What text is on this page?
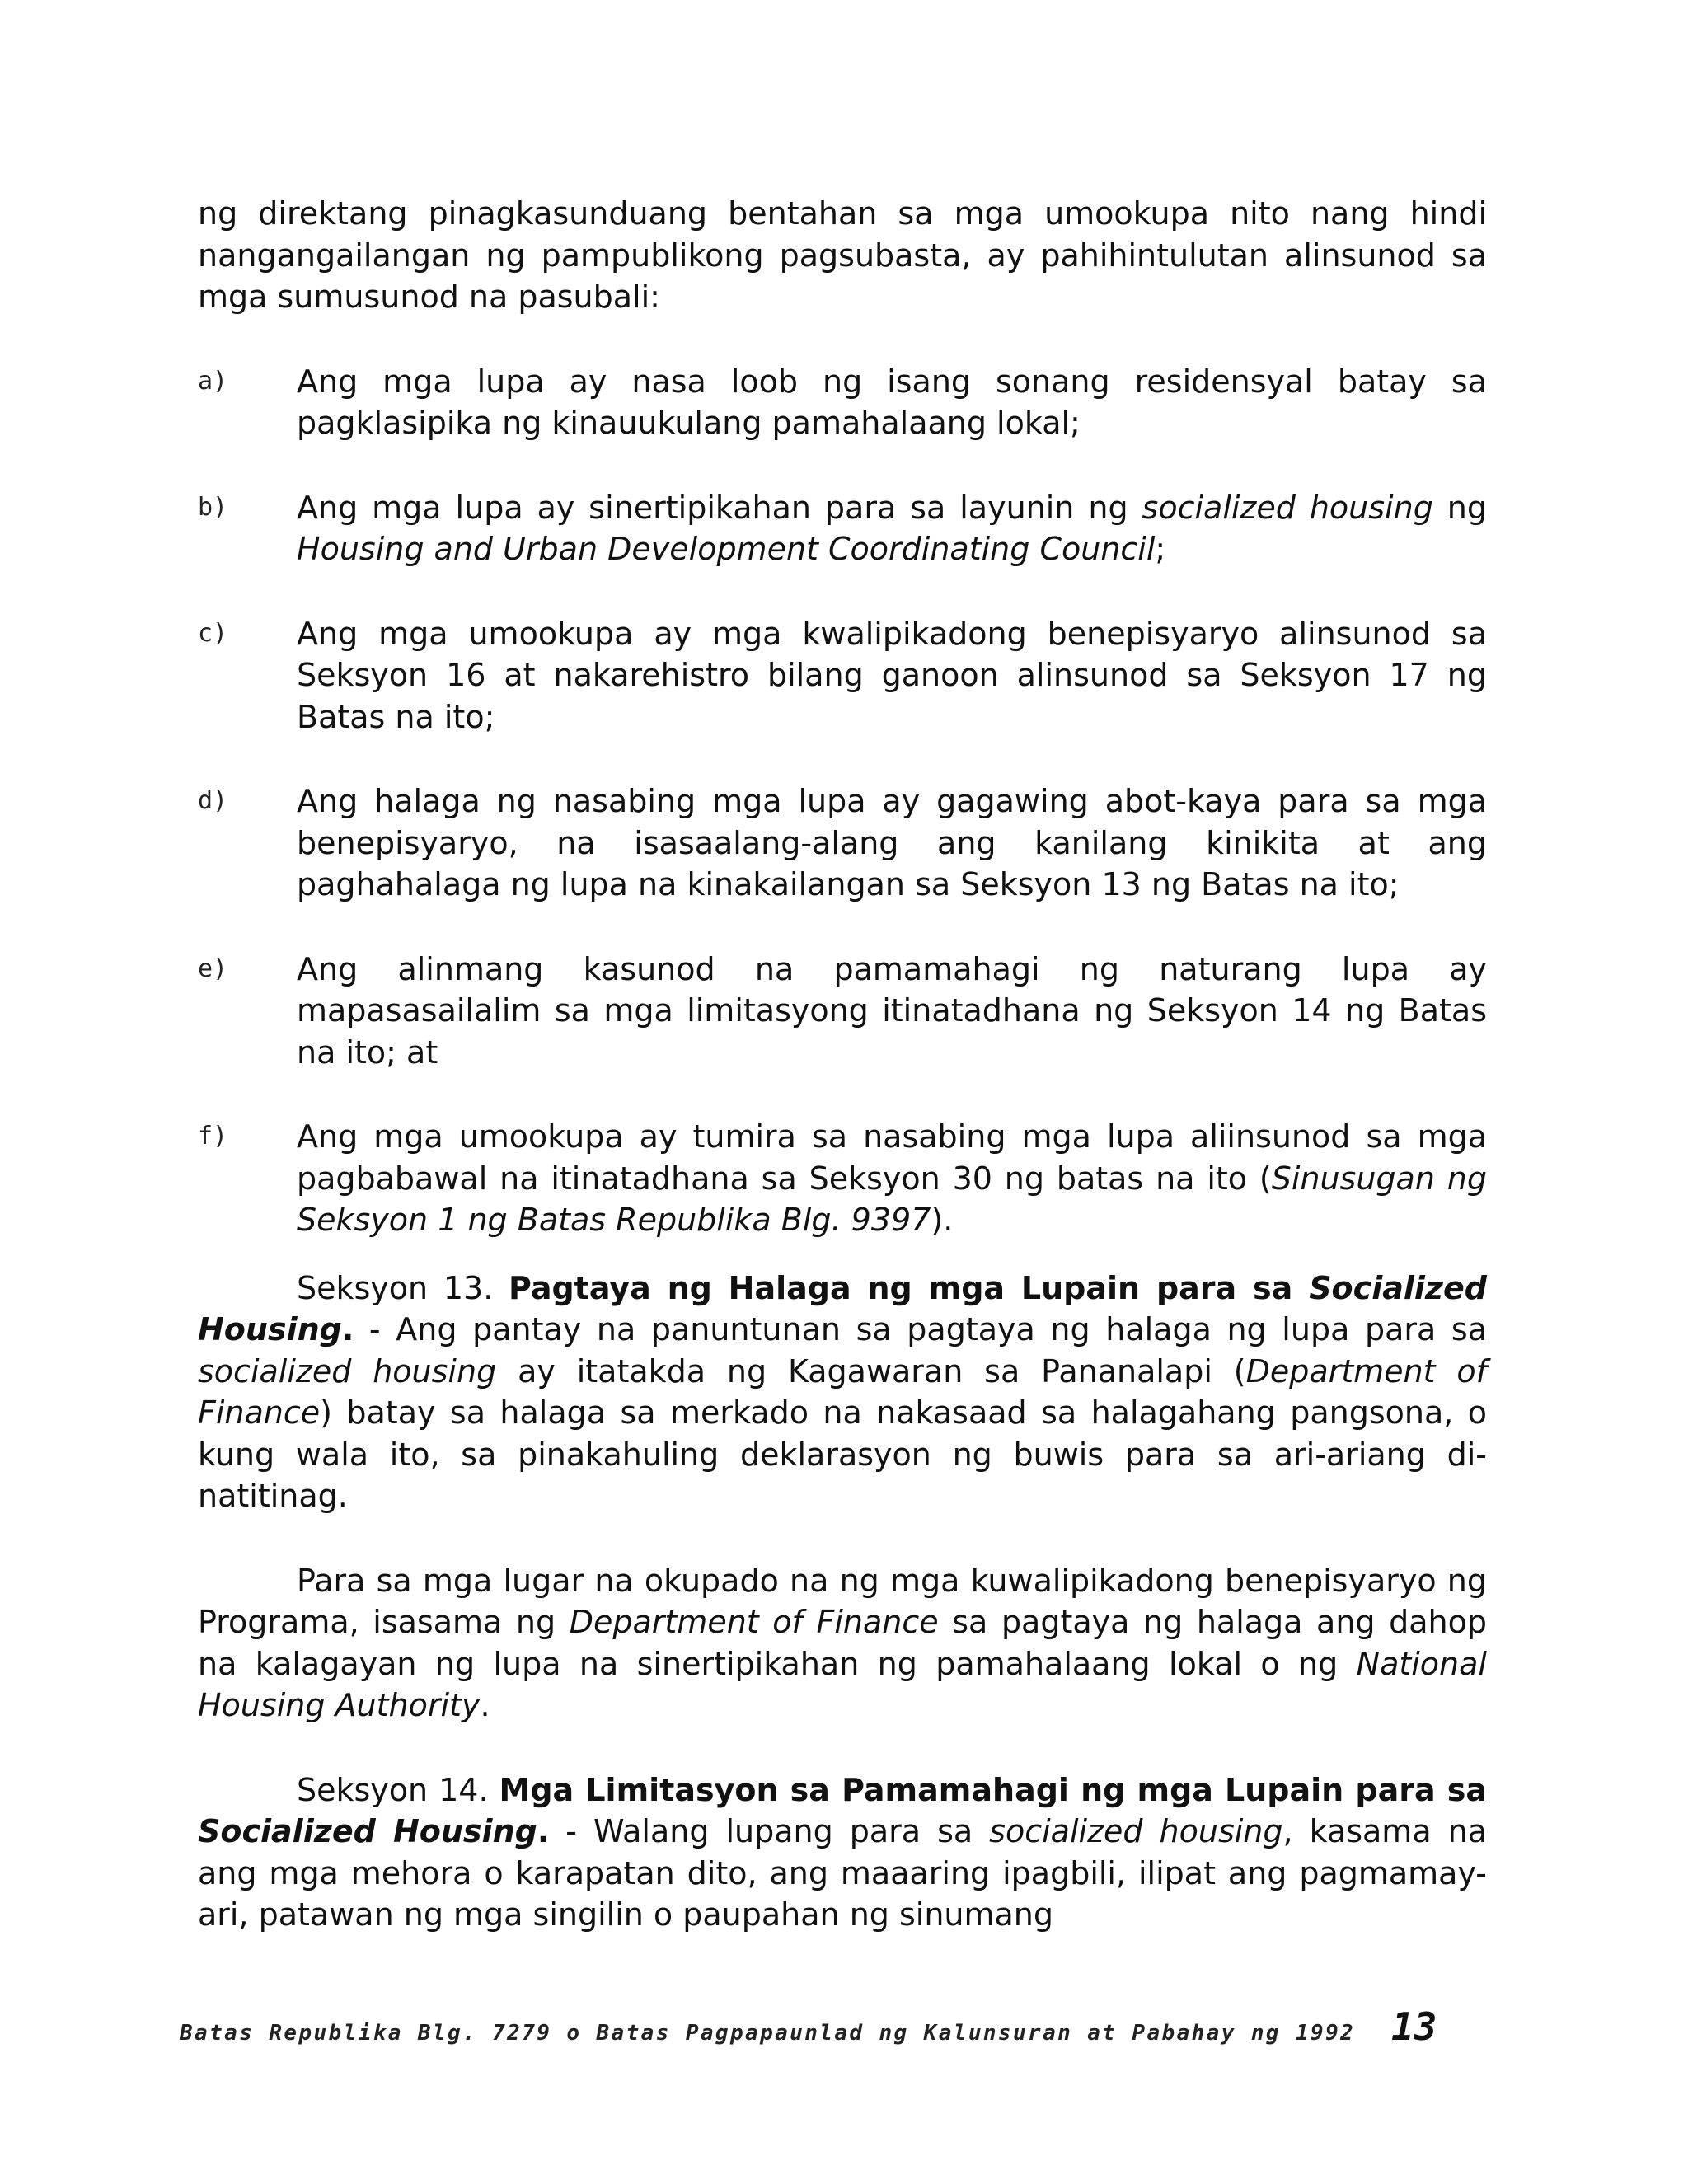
ng direktang pinagkasunduang bentahan sa mga umookupa nito nang hindi nangangailangan ng pampublikong pagsubasta, ay pahihintulutan alinsunod sa mga sumusunod na pasubali:

a)	Ang mga lupa ay nasa loob ng isang sonang residensyal batay sa pagklasipika ng kinauukulang pamahalaang lokal;
b)	Ang mga lupa ay sinertipikahan para sa layunin ng socialized housing ng Housing and Urban Development Coordinating Council;
c)	Ang mga umookupa ay mga kwalipikadong benepisyaryo alinsunod sa Seksyon 16 at nakarehistro bilang ganoon alinsunod sa Seksyon 17 ng Batas na ito;
d)	Ang halaga ng nasabing mga lupa ay gagawing abot-kaya para sa mga benepisyaryo, na isasaalang-alang ang kanilang kinikita at ang paghahalaga ng lupa na kinakailangan sa Seksyon 13 ng Batas na ito;
e)	Ang alinmang kasunod na pamamahagi ng naturang lupa ay mapasasailalim sa mga limitasyong itinatadhana ng Seksyon 14 ng Batas na ito; at
f)	Ang mga umookupa ay tumira sa nasabing mga lupa aliinsunod sa mga pagbabawal na itinatadhana sa Seksyon 30 ng batas na ito (Sinusugan ng Seksyon 1 ng Batas Republika Blg. 9397).

Seksyon 13. Pagtaya ng Halaga ng mga Lupain para sa Socialized Housing. - Ang pantay na panuntunan sa pagtaya ng halaga ng lupa para sa socialized housing ay itatakda ng Kagawaran sa Pananalapi (Department of Finance) batay sa halaga sa merkado na nakasaad sa halagahang pangsona, o kung wala ito, sa pinakahuling deklarasyon ng buwis para sa ari-ariang di-natitinag.

Para sa mga lugar na okupado na ng mga kuwalipikadong benepisyaryo ng Programa, isasama ng Department of Finance sa pagtaya ng halaga ang dahop na kalagayan ng lupa na sinertipikahan ng pamahalaang lokal o ng National Housing Authority.

Seksyon 14. Mga Limitasyon sa Pamamahagi ng mga Lupain para sa Socialized Housing. - Walang lupang para sa socialized housing, kasama na ang mga mehora o karapatan dito, ang maaaring ipagbili, ilipat ang pagmamay-ari, patawan ng mga singilin o paupahan ng sinumang

Batas Republika Blg. 7279 o Batas Pagpapaunlad ng Kalunsuran at Pabahay ng 1992 13
